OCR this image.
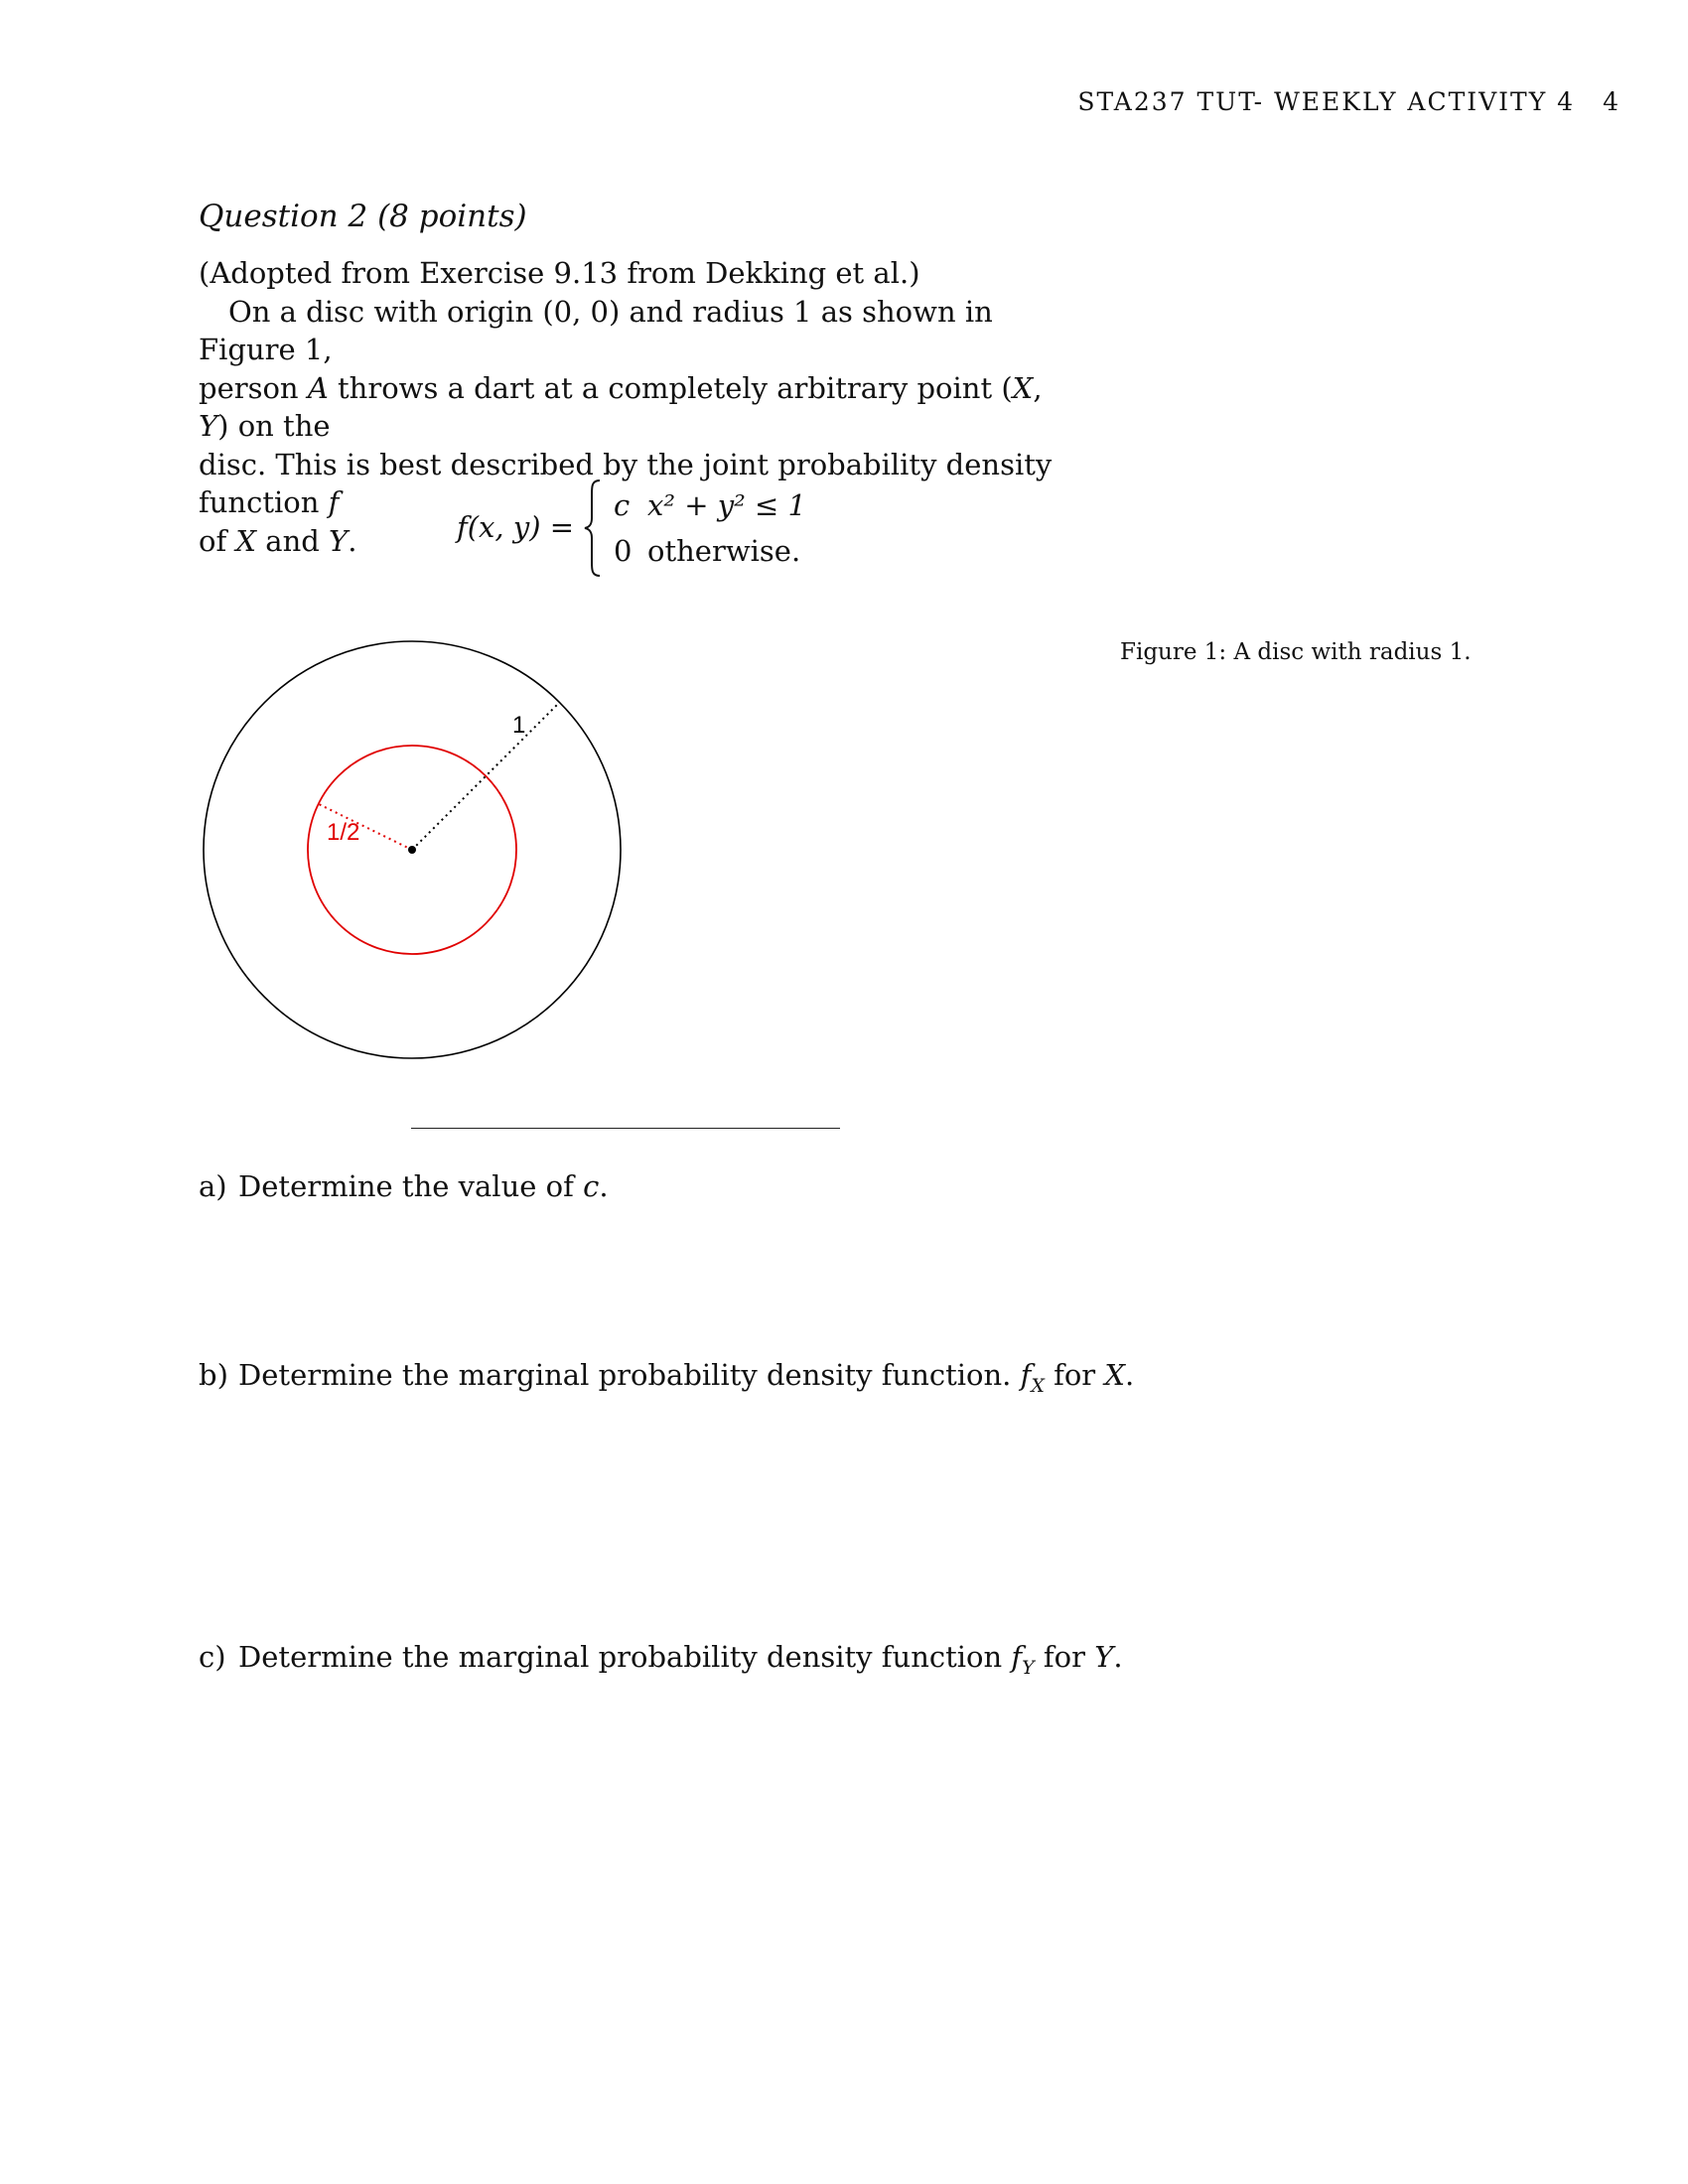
STA237 TUT- WEEKLY ACTIVITY 4 4
Question 2 (8 points)

(Adopted from Exercise 9.13 from Dekking et al.)

On a disc with origin (0, 0) and radius 1 as shown in Figure 1,

person A throws a dart at a completely arbitrary point (X, Y) on the

disc. This is best described by the joint probability density function f

of X and Y.	f(x, y) =
c x² + y² ≤ 1
0 otherwise.
1
1/2
Figure 1: A disc with radius 1.
a) Determine the value of c.
b) Determine the marginal probability density function. $f_X$ for X.
c) Determine the marginal probability density function $f_Y$ for Y.
